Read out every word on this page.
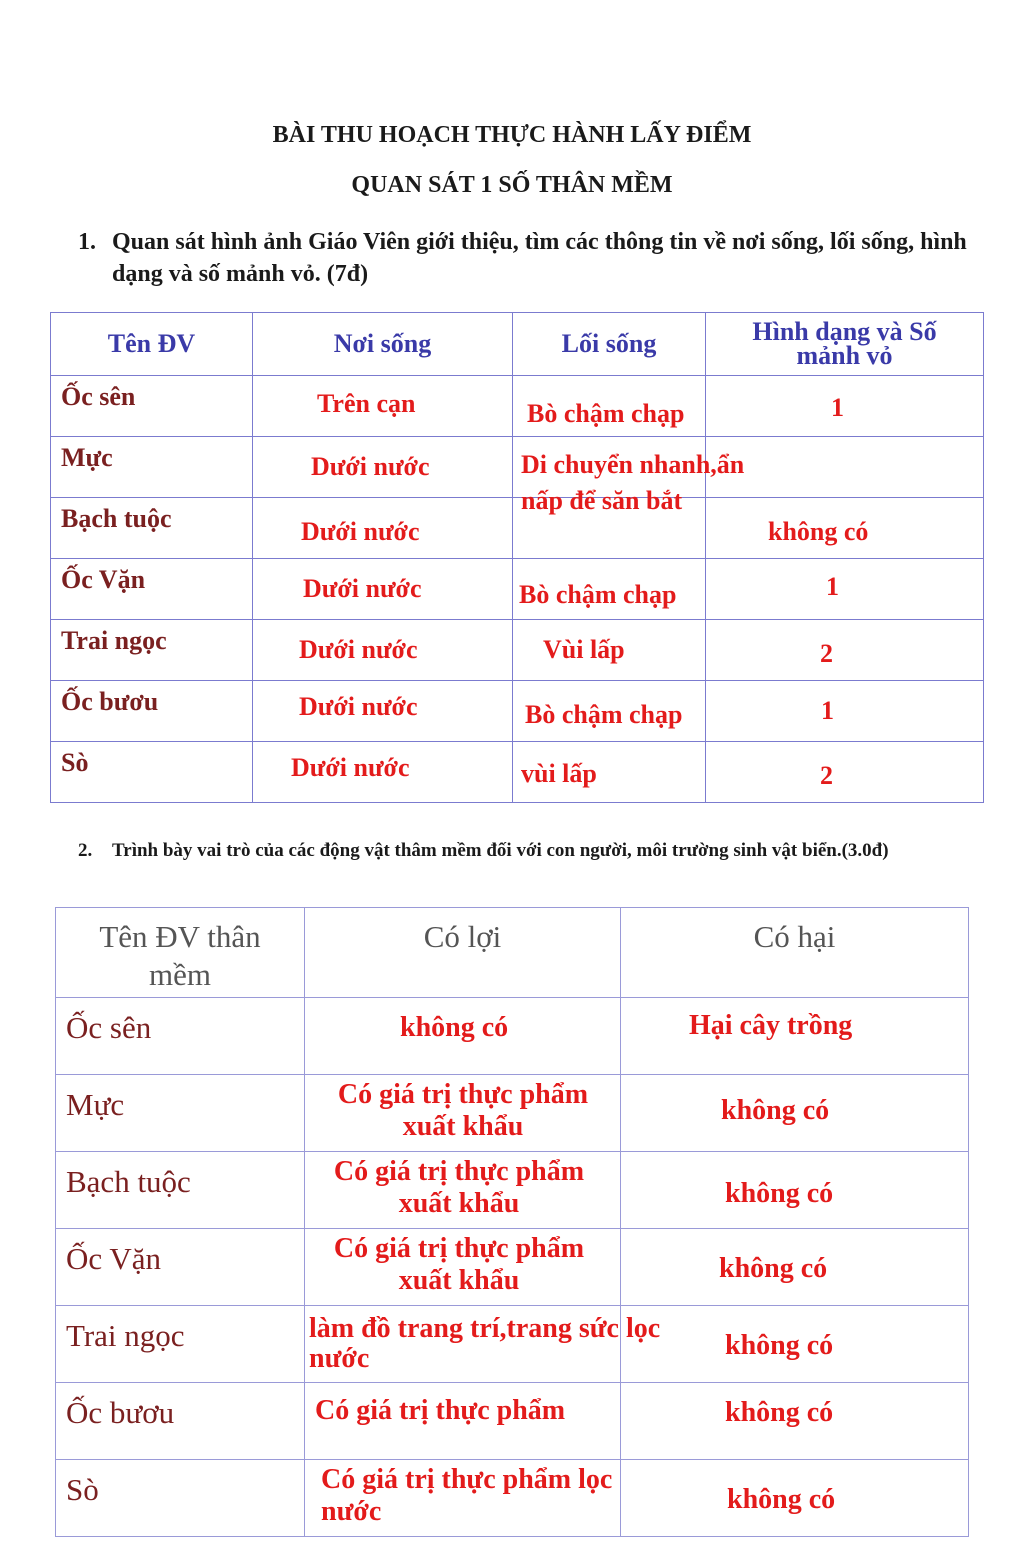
BÀI THU HOẠCH THỰC HÀNH LẤY ĐIỂM
QUAN SÁT 1 SỐ THÂN MỀM
1. Quan sát hình ảnh Giáo Viên giới thiệu, tìm các thông tin về nơi sống, lối sống, hình dạng và số mảnh vỏ. (7đ)
Tên ĐV	Nơi sống	Lối sống	Hình dạng và Số mảnh vỏ
Ốc sên	Trên cạn	Bò chậm chạp	1

Mực	Dưới nước	Di chuyển nhanh,ẩn nấp để săn bắt	

Bạch tuộc	Dưới nước		không có

Ốc Vặn	Dưới nước	Bò chậm chạp	1

Trai ngọc	Dưới nước	Vùi lấp	2

Ốc bươu	Dưới nước	Bò chậm chạp	1

Sò	Dưới nước	vùi lấp	2
2. Trình bày vai trò của các động vật thâm mềm đối với con người, môi trường sinh vật biển.(3.0đ)
Tên ĐV thân mềm	Có lợi	Có hại
Ốc sên	không có	Hại cây trồng

Mực	Có giá trị thực phẩm xuất khẩu	không có

Bạch tuộc	Có giá trị thực phẩm xuất khẩu	không có

Ốc Vặn	Có giá trị thực phẩm xuất khẩu	không có

Trai ngọc	làm đồ trang trí,trang sức lọc nước	không có

Ốc bươu	Có giá trị thực phẩm	không có

Sò	Có giá trị thực phẩm lọc nước	không có
